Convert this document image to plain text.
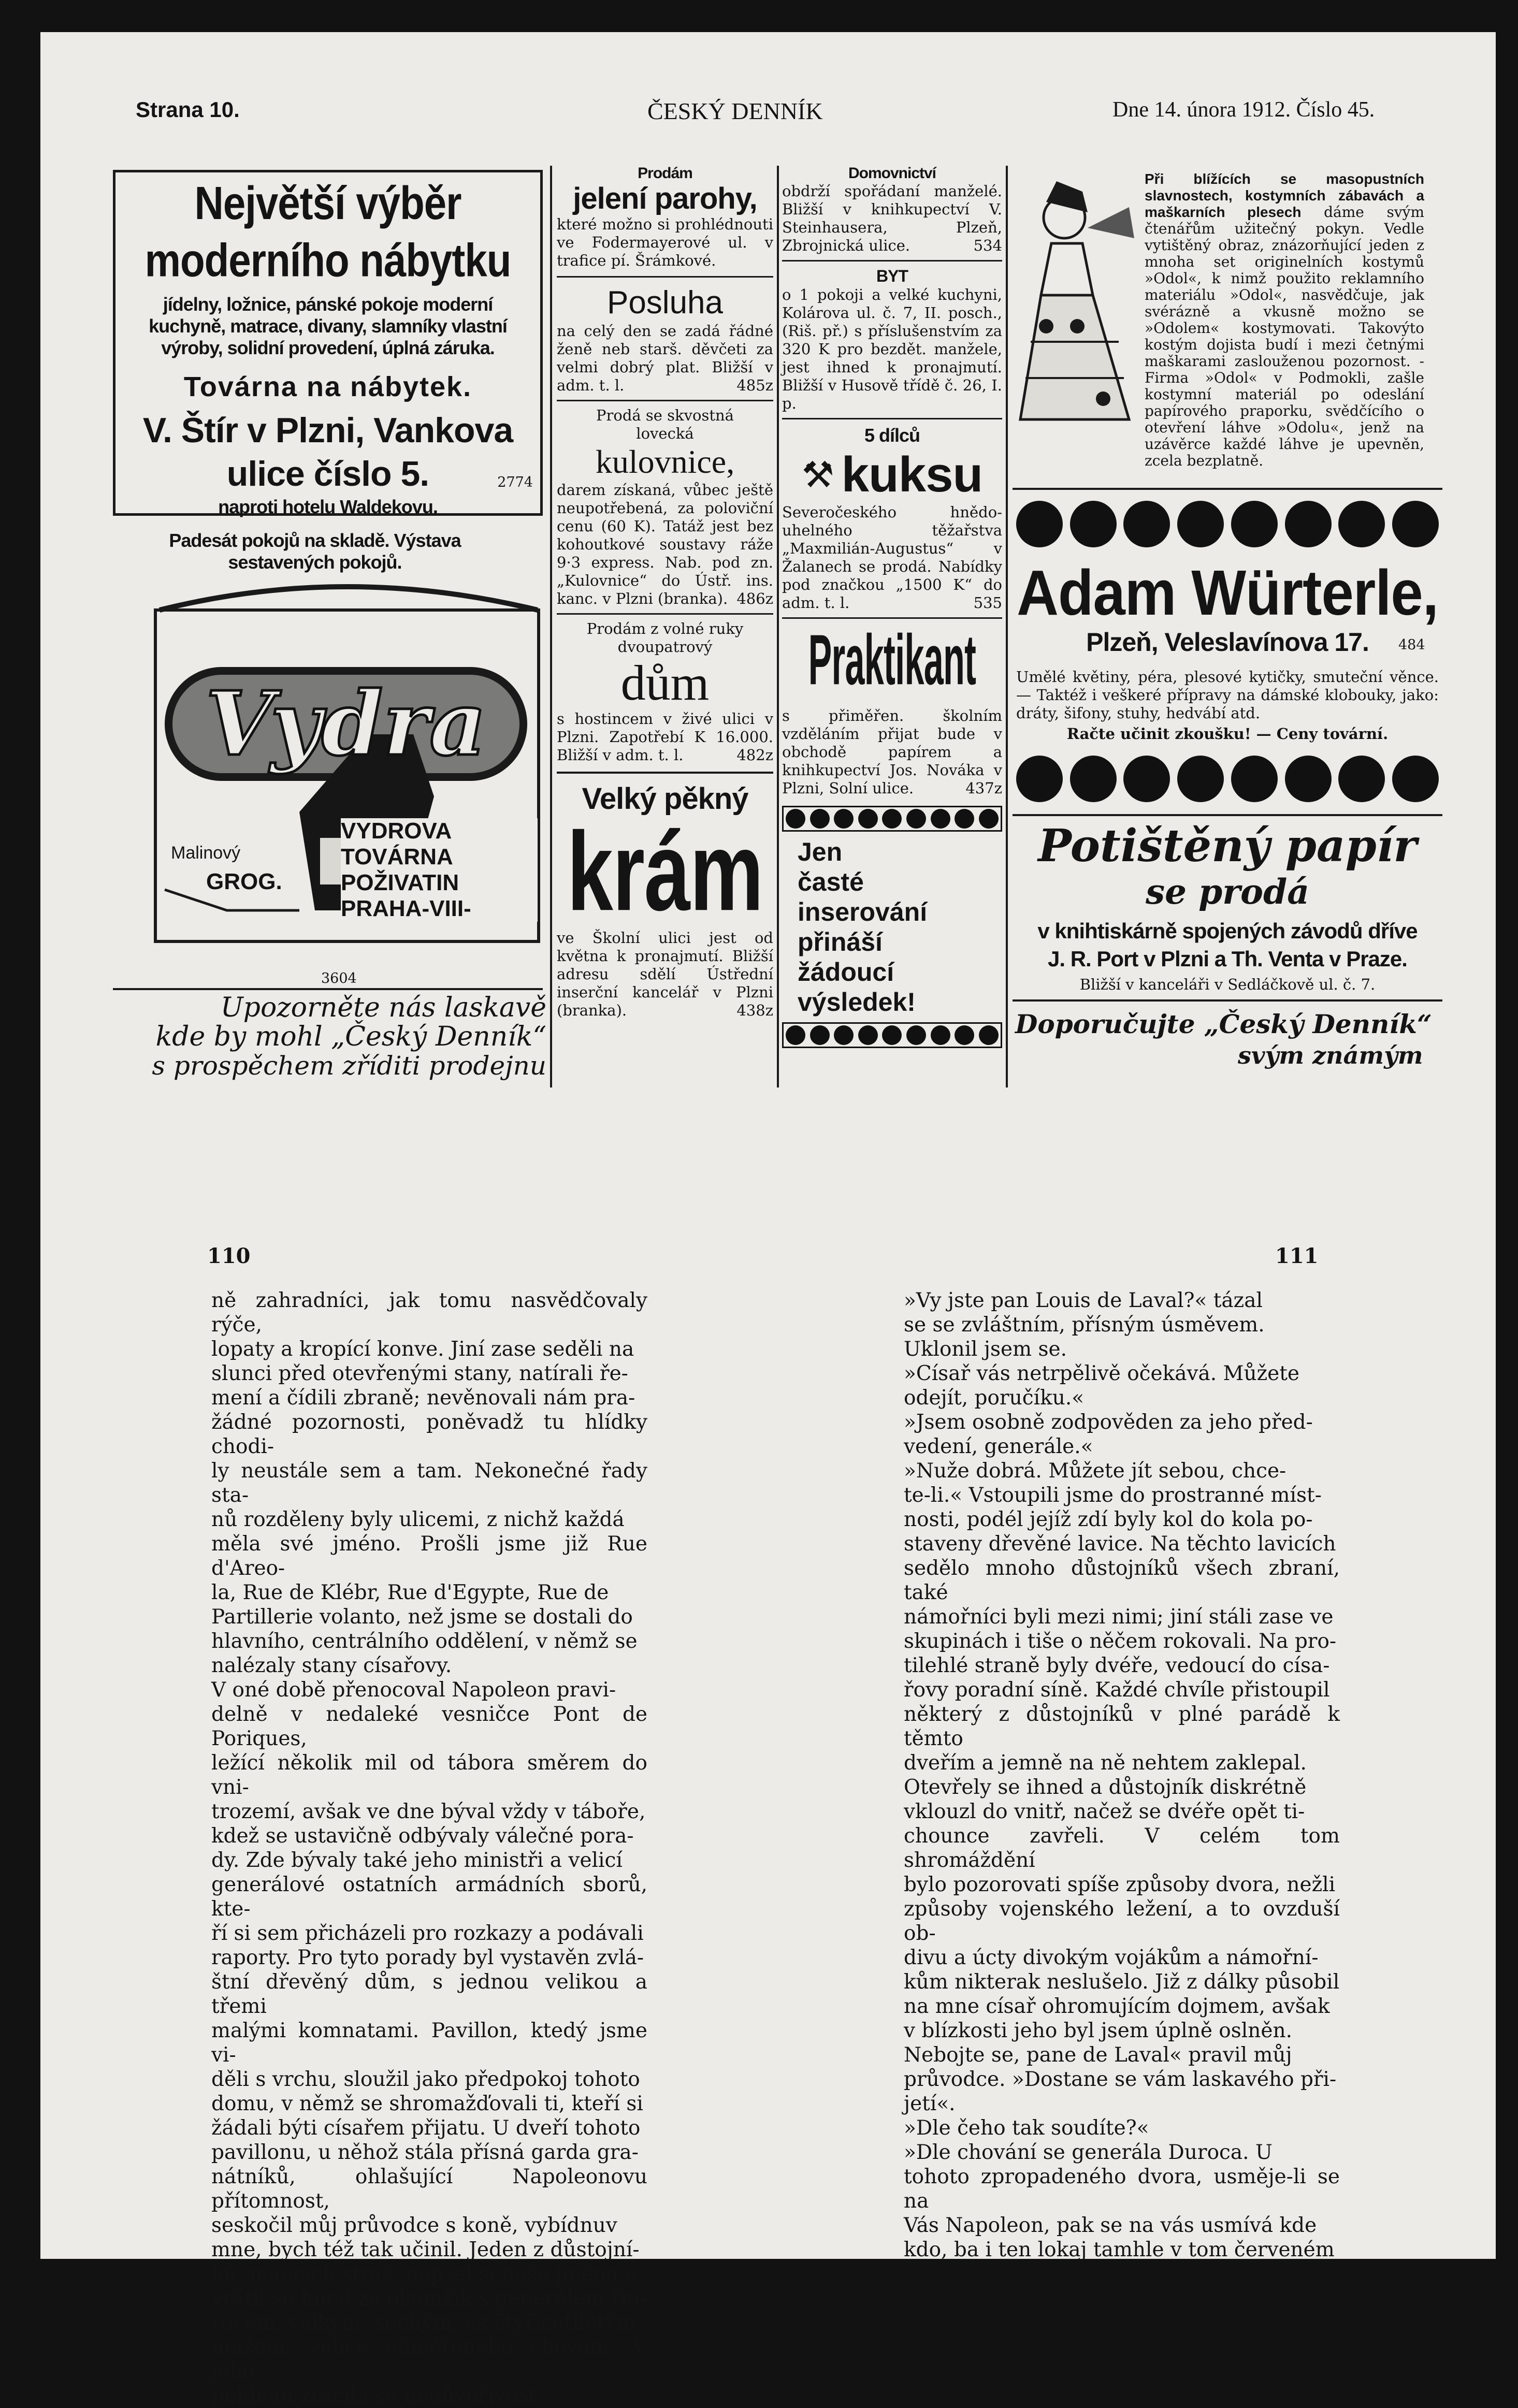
Strana 10.	ČESKÝ DENNÍK	Dne 14. února 1912. Číslo 45.
Největší výběr moderního nábytku
jídelny, ložnice, pánské pokoje moderní kuchyně, matrace, divany, slamníky vlastní výroby, solidní provedení, úplná záruka.
Továrna na nábytek.
V. Štír v Plzni, Vankova ulice číslo 5.
naproti hotelu Waldekovu.
Padesát pokojů na skladě. Výstava sestavených pokojů.
2774
Vydra
Malinový
GROG.
VYDROVA
TOVÁRNA
POŽIVATIN
PRAHA-VIII-
3604
Upozorněte nás laskavě
kde by mohl „Český Denník“
s prospěchem zříditi prodejnu
Prodám
jelení parohy,
které možno si prohlédnouti ve Fodermayerové ul. v trafice pí. Šrámkové.
Posluha
na celý den se zadá řádné ženě neb starš. děvčeti za velmi dobrý plat. Bližší v adm. t. l.	485z
Prodá se skvostná lovecká
kulovnice,
darem získaná, vůbec ještě neupotřebená, za poloviční cenu (60 K). Tatáž jest bez kohoutkové soustavy ráže 9·3 express. Nab. pod zn. „Kulovnice“ do Ústř. ins. kanc. v Plzni (branka). 486z
Prodám z volné ruky dvoupatrový
dům
s hostincem v živé ulici v Plzni. Zapotřebí K 16.000. Bližší v adm. t. l.	482z
Velký pěkný
krám
ve Školní ulici jest od května k pronajmutí. Bližší adresu sdělí Ústřední inserční kancelář v Plzni (branka).	438z
Domovnictví
obdrží spořádaní manželé. Bližší v knihkupectví V. Steinhausera, Plzeň, Zbrojnická ulice.	534
BYT
o 1 pokoji a velké kuchyni, Kolárova ul. č. 7, II. posch., (Riš. př.) s příslušenstvím za 320 K pro bezdět. manžele, jest ihned k pronajmutí. Bližší v Husově třídě č. 26, I. p.
5 dílců
⚒ kuksu
Severočeského hnědo-uhelného těžařstva „Maxmilián-Augustus“ v Žalanech se prodá. Nabídky pod značkou „1500 K“ do adm. t. l.	535
Praktikant
s přiměřen. školním vzděláním přijat bude v obchodě papírem a knihkupectví Jos. Nováka v Plzni, Solní ulice.	437z
Jen
časté
inserování
přináší
žádoucí
výsledek!
Při blížících se masopustních slavnostech, kostymních zábavách a maškarních plesech dáme svým čtenářům užitečný pokyn. Vedle vytištěný obraz, znázorňující jeden z mnoha set originelních kostymů »Odol«, k nimž použito reklamního materiálu »Odol«, nasvědčuje, jak svérázně a vkusně možno se »Odolem« kostymovati. Takovýto kostým dojista budí i mezi četnými maškarami zaslouženou pozornost. - Firma »Odol« v Podmokli, zašle kostymní materiál po odeslání papírového praporku, svědčícího o otevření láhve »Odolu«, jenž na uzávěrce každé láhve je upevněn, zcela bezplatně.
Adam Würterle,
Plzeň, Veleslavínova 17.	484
Umělé květiny, péra, plesové kytičky, smuteční věnce. — Taktéž i veškeré přípravy na dámské klobouky, jako: dráty, šifony, stuhy, hedvábí atd.
Račte učinit zkoušku! — Ceny tovární.
Potištěný papír
se prodá
v knihtiskárně spojených závodů dříve
J. R. Port v Plzni a Th. Venta v Praze.
Bližší v kanceláři v Sedláčkově ul. č. 7.
Doporučujte „Český Denník“
svým známým
110	111
ně zahradníci, jak tomu nasvědčovaly rýče,
lopaty a kropící konve. Jiní zase seděli na
slunci před otevřenými stany, natírali ře-
mení a čídili zbraně; nevěnovali nám pra-
žádné pozornosti, poněvadž tu hlídky chodi-
ly neustále sem a tam. Nekonečné řady sta-
nů rozděleny byly ulicemi, z nichž každá
měla své jméno. Prošli jsme již Rue d'Areo-
la, Rue de Klébr, Rue d'Egypte, Rue de
Partillerie volanto, než jsme se dostali do
hlavního, centrálního oddělení, v němž se
nalézaly stany císařovy.
V oné době přenocoval Napoleon pravi-
delně v nedaleké vesničce Pont de Poriques,
ležící několik mil od tábora směrem do vni-
trozemí, avšak ve dne býval vždy v táboře,
kdež se ustavičně odbývaly válečné pora-
dy. Zde bývaly také jeho ministři a velicí
generálové ostatních armádních sborů, kte-
ří si sem přicházeli pro rozkazy a podávali
raporty. Pro tyto porady byl vystavěn zvlá-
štní dřevěný dům, s jednou velikou a třemi
malými komnatami. Pavillon, ktedý jsme vi-
děli s vrchu, sloužil jako předpokoj tohoto
domu, v němž se shromažďovali ti, kteří si
žádali býti císařem přijatu. U dveří tohoto
pavillonu, u něhož stála přísná garda gra-
nátníků, ohlašující Napoleonovu přítomnost,
seskočil můj průvodce s koně, vybídnuv
mne, bych též tak učinil. Jeden z důstojní-
ků, majících stráž, napsal si naše jména a
vrátil se hned za okamžik s generálem Du-
rocem, velkým, suchým, as čtyřicetiletým
mužem, velice odměřeného chování. V jeho
pohledu zračila se nedůvěřivost.
»Vy jste pan Louis de Laval?« tázal
se se zvláštním, přísným úsměvem.
Uklonil jsem se.
»Císař vás netrpělivě očekává. Můžete
odejít, poručíku.«
»Jsem osobně zodpověden za jeho před-
vedení, generále.«
»Nuže dobrá. Můžete jít sebou, chce-
te-li.« Vstoupili jsme do prostranné míst-
nosti, podél jejíž zdí byly kol do kola po-
staveny dřevěné lavice. Na těchto lavicích
sedělo mnoho důstojníků všech zbraní, také
námořníci byli mezi nimi; jiní stáli zase ve
skupinách i tiše o něčem rokovali. Na pro-
tilehlé straně byly dvéře, vedoucí do císa-
řovy poradní síně. Každé chvíle přistoupil
některý z důstojníků v plné parádě k těmto
dveřím a jemně na ně nehtem zaklepal.
Otevřely se ihned a důstojník diskrétně
vklouzl do vnitř, načež se dvéře opět ti-
chounce zavřeli. V celém tom shromáždění
bylo pozorovati spíše způsoby dvora, nežli
způsoby vojenského ležení, a to ovzduší ob-
divu a úcty divokým vojákům a námořní-
kům nikterak neslušelo. Již z dálky působil
na mne císař ohromujícím dojmem, avšak
v blízkosti jeho byl jsem úplně oslněn.
Nebojte se, pane de Laval« pravil můj
průvodce. »Dostane se vám laskavého při-
jetí«.
»Dle čeho tak soudíte?«
»Dle chování se generála Duroca. U
tohoto zpropadeného dvora, usměje-li se na
Vás Napoleon, pak se na vás usmívá kde
kdo, ba i ten lokaj tamhle v tom červeném
